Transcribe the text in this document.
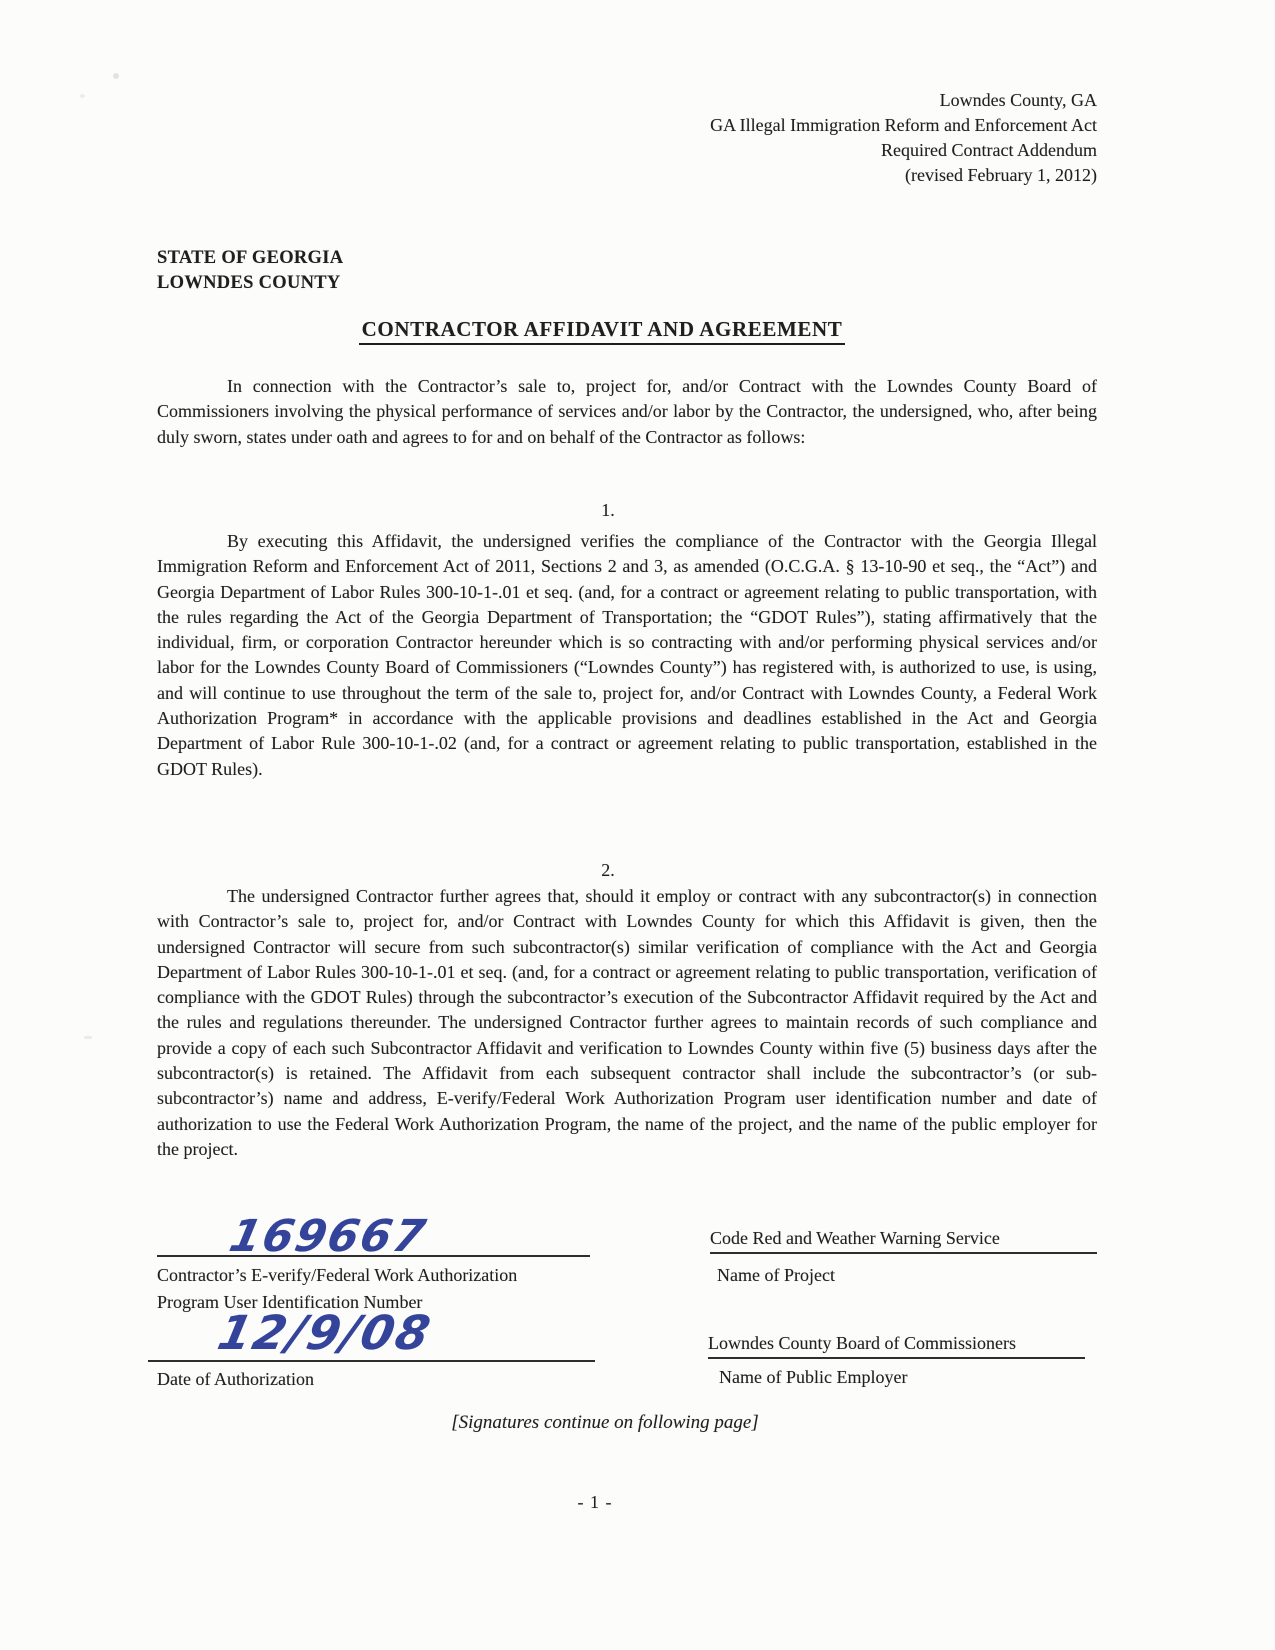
Lowndes County, GA
GA Illegal Immigration Reform and Enforcement Act
Required Contract Addendum
(revised February 1, 2012)
STATE OF GEORGIA
LOWNDES COUNTY
CONTRACTOR AFFIDAVIT AND AGREEMENT
In connection with the Contractor’s sale to, project for, and/or Contract with the Lowndes County Board of Commissioners involving the physical performance of services and/or labor by the Contractor, the undersigned, who, after being duly sworn, states under oath and agrees to for and on behalf of the Contractor as follows:
1.
By executing this Affidavit, the undersigned verifies the compliance of the Contractor with the Georgia Illegal Immigration Reform and Enforcement Act of 2011, Sections 2 and 3, as amended (O.C.G.A. § 13-10-90 et seq., the “Act”) and Georgia Department of Labor Rules 300-10-1-.01 et seq. (and, for a contract or agreement relating to public transportation, with the rules regarding the Act of the Georgia Department of Transportation; the “GDOT Rules”), stating affirmatively that the individual, firm, or corporation Contractor hereunder which is so contracting with and/or performing physical services and/or labor for the Lowndes County Board of Commissioners (“Lowndes County”) has registered with, is authorized to use, is using, and will continue to use throughout the term of the sale to, project for, and/or Contract with Lowndes County, a Federal Work Authorization Program* in accordance with the applicable provisions and deadlines established in the Act and Georgia Department of Labor Rule 300-10-1-.02 (and, for a contract or agreement relating to public transportation, established in the GDOT Rules).
2.
The undersigned Contractor further agrees that, should it employ or contract with any subcontractor(s) in connection with Contractor’s sale to, project for, and/or Contract with Lowndes County for which this Affidavit is given, then the undersigned Contractor will secure from such subcontractor(s) similar verification of compliance with the Act and Georgia Department of Labor Rules 300-10-1-.01 et seq. (and, for a contract or agreement relating to public transportation, verification of compliance with the GDOT Rules) through the subcontractor’s execution of the Subcontractor Affidavit required by the Act and the rules and regulations thereunder. The undersigned Contractor further agrees to maintain records of such compliance and provide a copy of each such Subcontractor Affidavit and verification to Lowndes County within five (5) business days after the subcontractor(s) is retained. The Affidavit from each subsequent contractor shall include the subcontractor’s (or sub-subcontractor’s) name and address, E-verify/Federal Work Authorization Program user identification number and date of authorization to use the Federal Work Authorization Program, the name of the project, and the name of the public employer for the project.
169667
Contractor’s E-verify/Federal Work Authorization
Program User Identification Number
12/9/08
Date of Authorization
Code Red and Weather Warning Service
Name of Project
Lowndes County Board of Commissioners
Name of Public Employer
[Signatures continue on following page]
- 1 -
